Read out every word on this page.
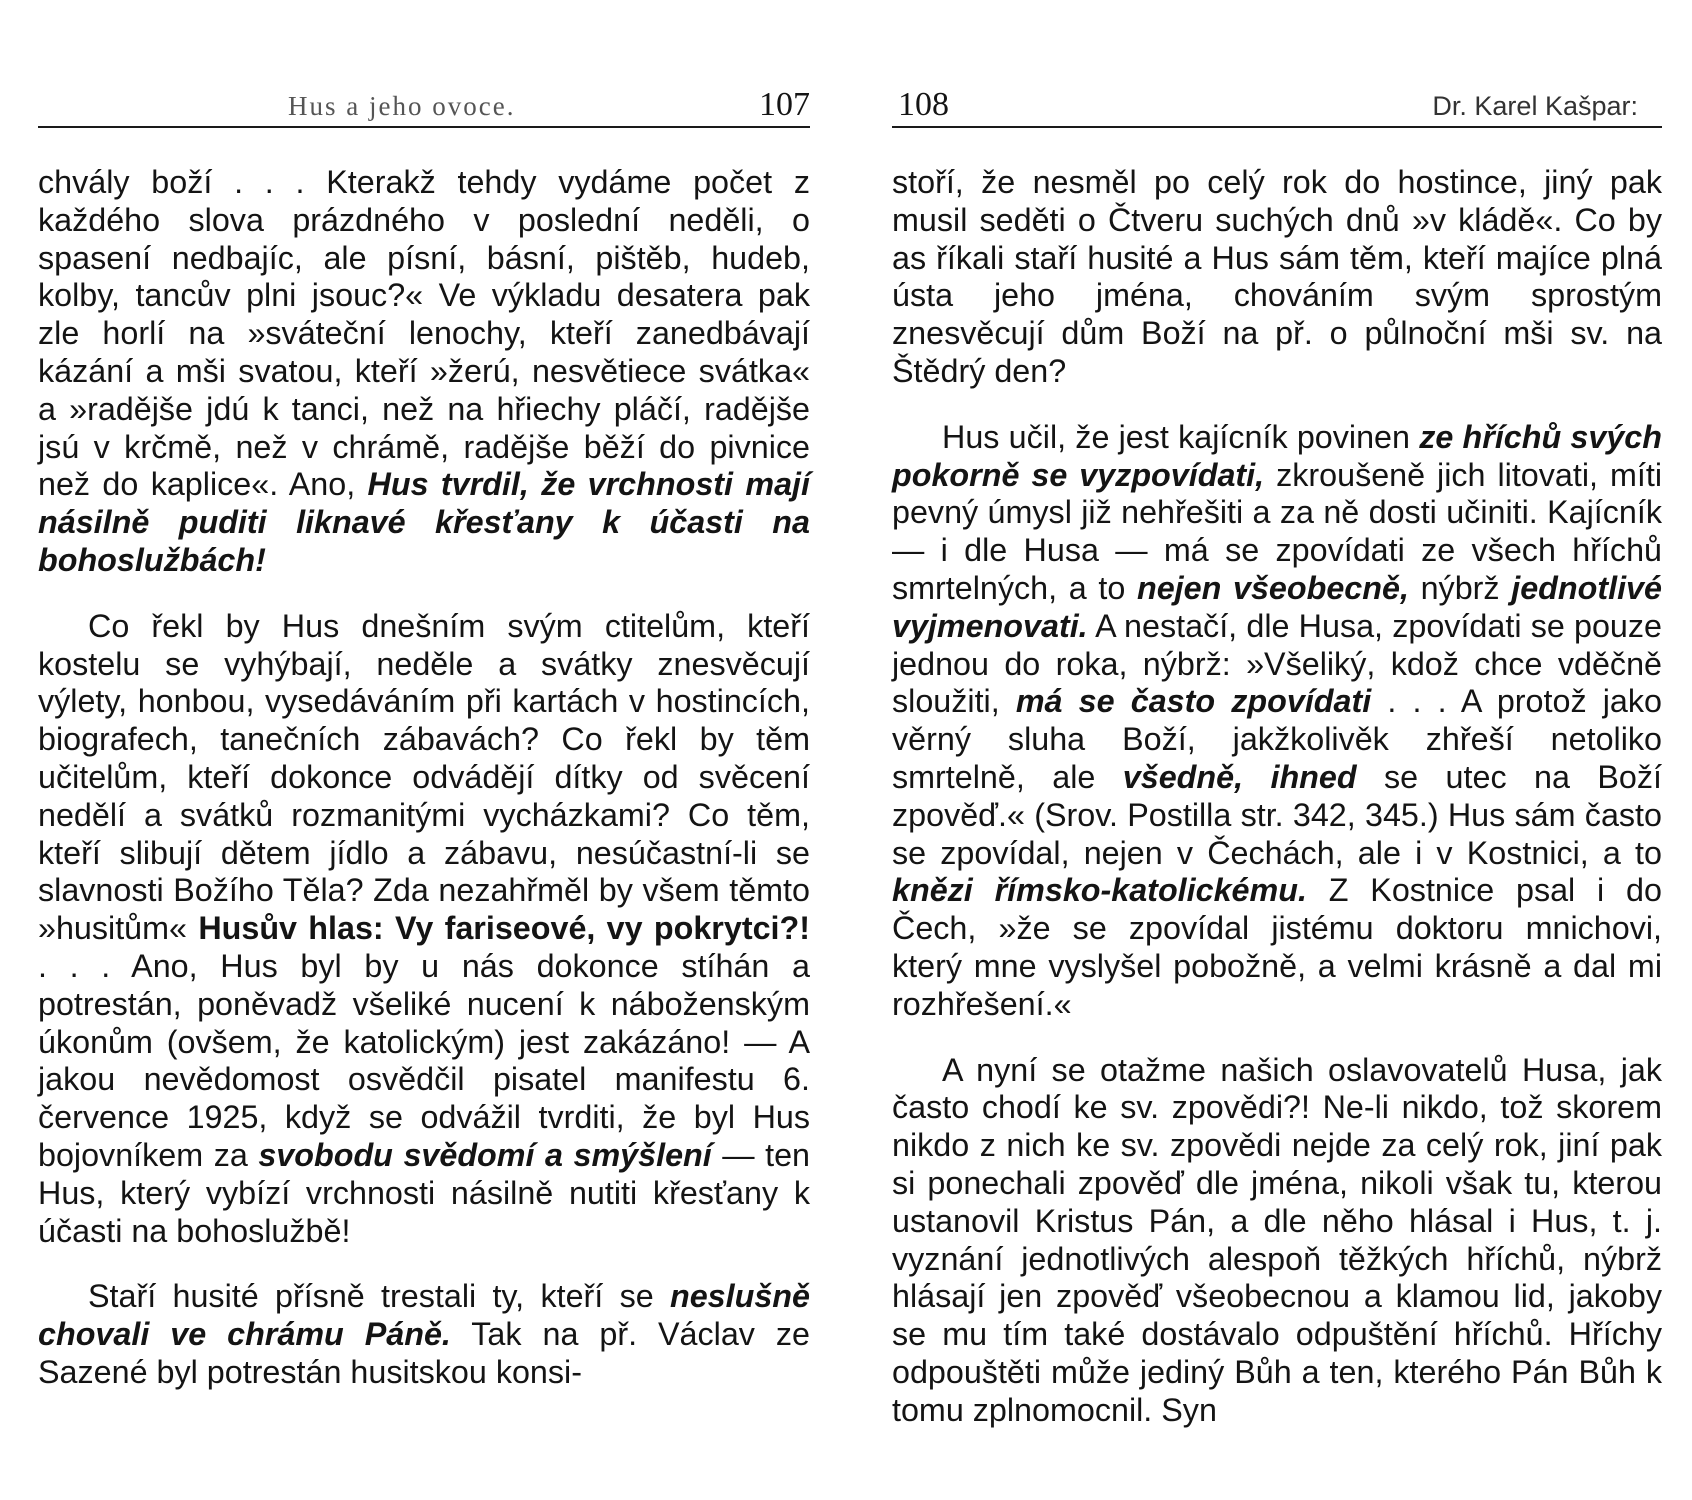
Hus a jeho ovoce.	107

chvály boží . . . Kterakž tehdy vydáme počet z každého slova prázdného v poslední neděli, o spasení nedbajíc, ale písní, básní, pištěb, hudeb, kolby, tancův plni jsouc?« Ve výkladu desatera pak zle horlí na »sváteční lenochy, kteří zanedbávají kázání a mši svatou, kteří »žerú, nesvětiece svátka« a »radějše jdú k tanci, než na hřiechy pláčí, radějše jsú v krčmě, než v chrámě, radějše běží do pivnice než do kaplice«. Ano, Hus tvrdil, že vrchnosti mají násilně puditi liknavé křesťany k účasti na bohoslužbách!

Co řekl by Hus dnešním svým ctitelům, kteří kostelu se vyhýbají, neděle a svátky znesvěcují výlety, honbou, vysedáváním při kartách v hostincích, biografech, tanečních zábavách? Co řekl by těm učitelům, kteří dokonce odvádějí dítky od svěcení nedělí a svátků rozmanitými vycházkami? Co těm, kteří slibují dětem jídlo a zábavu, nesúčastní-li se slavnosti Božího Těla? Zda nezahřměl by všem těmto »husitům« Husův hlas: Vy fariseové, vy pokrytci?! . . . Ano, Hus byl by u nás dokonce stíhán a potrestán, poněvadž všeliké nucení k náboženským úkonům (ovšem, že katolickým) jest zakázáno! — A jakou nevědomost osvědčil pisatel manifestu 6. července 1925, když se odvážil tvrditi, že byl Hus bojovníkem za svobodu svědomí a smýšlení — ten Hus, který vybízí vrchnosti násilně nutiti křesťany k účasti na bohoslužbě!

Staří husité přísně trestali ty, kteří se neslušně chovali ve chrámu Páně. Tak na př. Václav ze Sazené byl potrestán husitskou konsi-

108	Dr. Karel Kašpar:

stoří, že nesměl po celý rok do hostince, jiný pak musil seděti o Čtveru suchých dnů »v kládě«. Co by as říkali staří husité a Hus sám těm, kteří majíce plná ústa jeho jména, chováním svým sprostým znesvěcují dům Boží na př. o půlnoční mši sv. na Štědrý den?

Hus učil, že jest kajícník povinen ze hříchů svých pokorně se vyzpovídati, zkroušeně jich litovati, míti pevný úmysl již nehřešiti a za ně dosti učiniti. Kajícník — i dle Husa — má se zpovídati ze všech hříchů smrtelných, a to nejen všeobecně, nýbrž jednotlivé vyjmenovati. A nestačí, dle Husa, zpovídati se pouze jednou do roka, nýbrž: »Všeliký, kdož chce vděčně sloužiti, má se často zpovídati . . . A protož jako věrný sluha Boží, jakžkolivěk zhřeší netoliko smrtelně, ale všedně, ihned se utec na Boží zpověď.« (Srov. Postilla str. 342, 345.) Hus sám často se zpovídal, nejen v Čechách, ale i v Kostnici, a to knězi římsko-katolickému. Z Kostnice psal i do Čech, »že se zpovídal jistému doktoru mnichovi, který mne vyslyšel pobožně, a velmi krásně a dal mi rozhřešení.«

A nyní se otažme našich oslavovatelů Husa, jak často chodí ke sv. zpovědi?! Ne-li nikdo, tož skorem nikdo z nich ke sv. zpovědi nejde za celý rok, jiní pak si ponechali zpověď dle jména, nikoli však tu, kterou ustanovil Kristus Pán, a dle něho hlásal i Hus, t. j. vyznání jednotlivých alespoň těžkých hříchů, nýbrž hlásají jen zpověď všeobecnou a klamou lid, jakoby se mu tím také dostávalo odpuštění hříchů. Hříchy odpouštěti může jediný Bůh a ten, kterého Pán Bůh k tomu zplnomocnil. Syn
